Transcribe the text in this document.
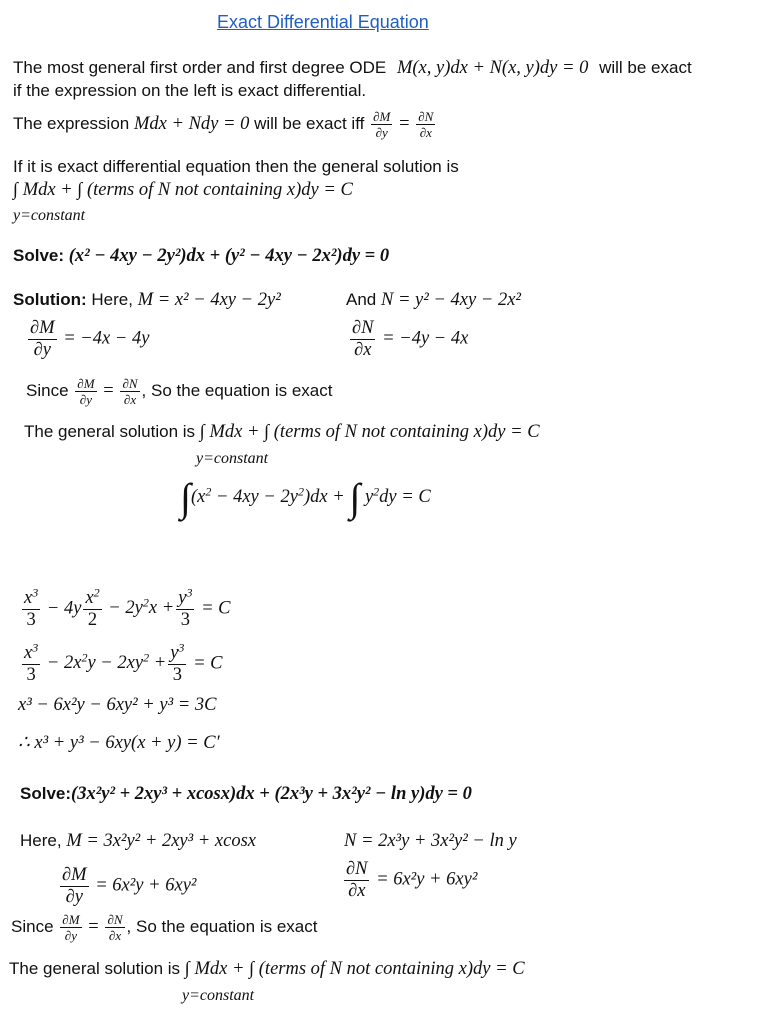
Exact Differential Equation
The most general first order and first degree ODE M(x, y)dx + N(x, y)dy = 0 will be exact
if the expression on the left is exact differential.
The expression Mdx + Ndy = 0 will be exact iff $\frac{\partial M}{\partial y} = \frac{\partial N}{\partial x}$
If it is exact differential equation then the general solution is
∫ Mdx + ∫ (terms of N not containing x)dy = C
y=constant
Solve: (x² − 4xy − 2y²)dx + (y² − 4xy − 2x²)dy = 0
Solution: Here, M = x² − 4xy − 2y²	And N = y² − 4xy − 2x²
$\frac{\partial M}{\partial y} = -4x - 4y$	$\frac{\partial N}{\partial x} = -4y - 4x$
Since $\frac{\partial M}{\partial y} = \frac{\partial N}{\partial x}$ , So the equation is exact
The general solution is ∫ Mdx + ∫ (terms of N not containing x)dy = C
y=constant
$\int(x^2 - 4xy - 2y^2)dx$ + ∫ $y^2dy = C$
$\frac{x^3}{3} - 4y \frac{x^2}{2} - 2y^2x + \frac{y^3}{3} = C$
$\frac{x^3}{3} - 2x^2y - 2xy^2 + \frac{y^3}{3} = C$
x³ − 6x²y − 6xy² + y³ = 3C
∴ x³ + y³ − 6xy(x + y) = C′
Solve:(3x²y² + 2xy³ + xcosx)dx + (2x³y + 3x²y² − ln y)dy = 0
Here, M = 3x²y² + 2xy³ + xcosx	N = 2x³y + 3x²y² − ln y
$\frac{\partial M}{\partial y} = 6x^2y + 6xy^2$	$\frac{\partial N}{\partial x} = 6x^2y + 6xy^2$
Since $\frac{\partial M}{\partial y} = \frac{\partial N}{\partial x}$ , So the equation is exact
The general solution is ∫ Mdx + ∫ (terms of N not containing x)dy = C
y=constant
